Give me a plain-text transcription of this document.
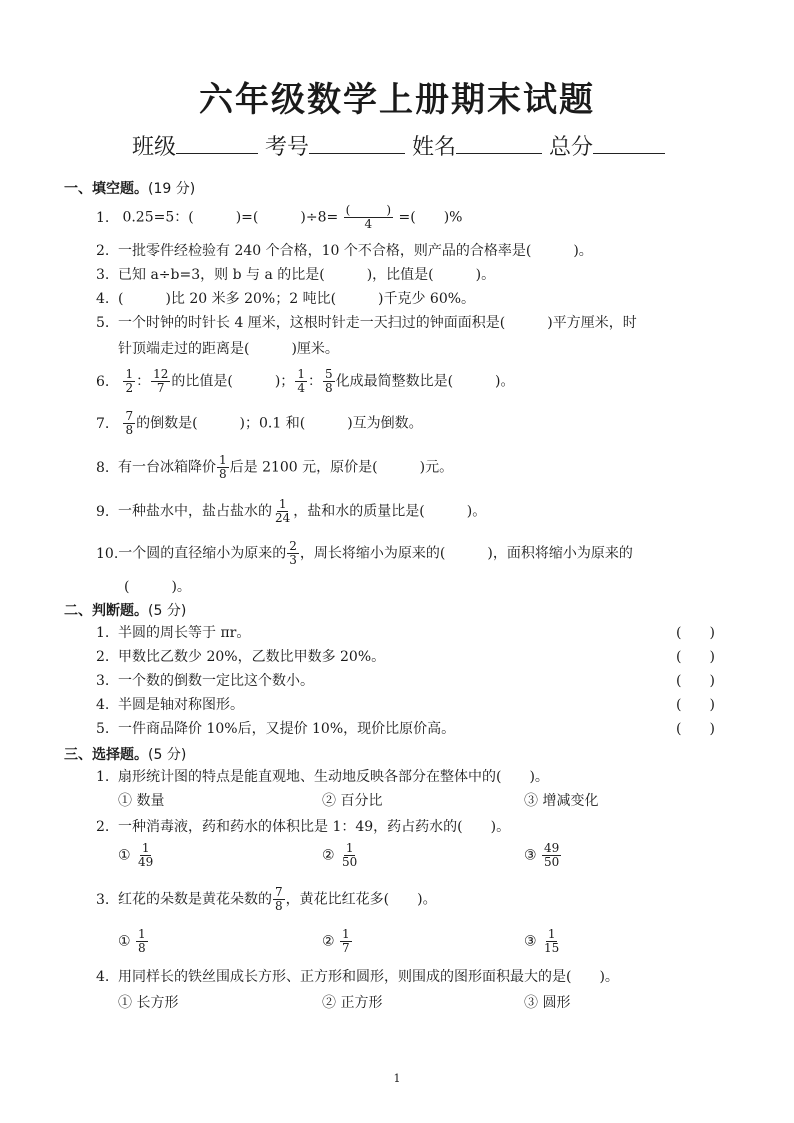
六年级数学上册期末试题
班级	考号	姓名	总分
一、填空题。(19 分)
1. 0.25=5：(　　　)=(　　　)$\div 8= \frac{( )}{4}$ =(　　)%
2. 一批零件经检验有 240 个合格，10 个不合格，则产品的合格率是(　　　)。
3. 已知 a÷b=3，则 b 与 a 的比是(　　　)，比值是(　　　)。
4. (　　　)比 20 米多 20%；2 吨比(　　　)千克少 60%。
5. 一个时钟的时针长 4 厘米，这根时针走一天扫过的钟面面积是(　　　)平方厘米，时
针顶端走过的距离是(　　　)厘米。
6. $\frac{1}{2}$ ： $\frac{12}{7}$ 的比值是(　　　)； $\frac{1}{4}$ ： $\frac{5}{8}$ 化成最简整数比是(　　　)。
7. $\frac{7}{8}$ 的倒数是(　　　)；0.1 和(　　　)互为倒数。
8. 有一台冰箱降价 $\frac{1}{8}$ 后是 2100 元，原价是(　　　)元。
9. 一种盐水中，盐占盐水的 $\frac{1}{24}$ ，盐和水的质量比是(　　　)。
10.一个圆的直径缩小为原来的 $\frac{2}{3}$ ，周长将缩小为原来的(　　　)，面积将缩小为原来的
(　　　)。
二、判断题。(5 分)
1. 半圆的周长等于 πr。	(　　)
2. 甲数比乙数少 20%，乙数比甲数多 20%。	(　　)
3. 一个数的倒数一定比这个数小。	(　　)
4. 半圆是轴对称图形。	(　　)
5. 一件商品降价 10%后，又提价 10%，现价比原价高。	(　　)
三、选择题。(5 分)
1. 扇形统计图的特点是能直观地、生动地反映各部分在整体中的(　　)。
① 数量	② 百分比	③ 增减变化
2. 一种消毒液，药和药水的体积比是 1：49，药占药水的(　　)。
① $\frac{1}{49}$	② $\frac{1}{50}$	③ $\frac{49}{50}$
3. 红花的朵数是黄花朵数的 $\frac{7}{8}$ ，黄花比红花多(　　)。
① $\frac{1}{8}$	② $\frac{1}{7}$	③ $\frac{1}{15}$
4. 用同样长的铁丝围成长方形、正方形和圆形，则围成的图形面积最大的是(　　)。
① 长方形	② 正方形	③ 圆形
1
